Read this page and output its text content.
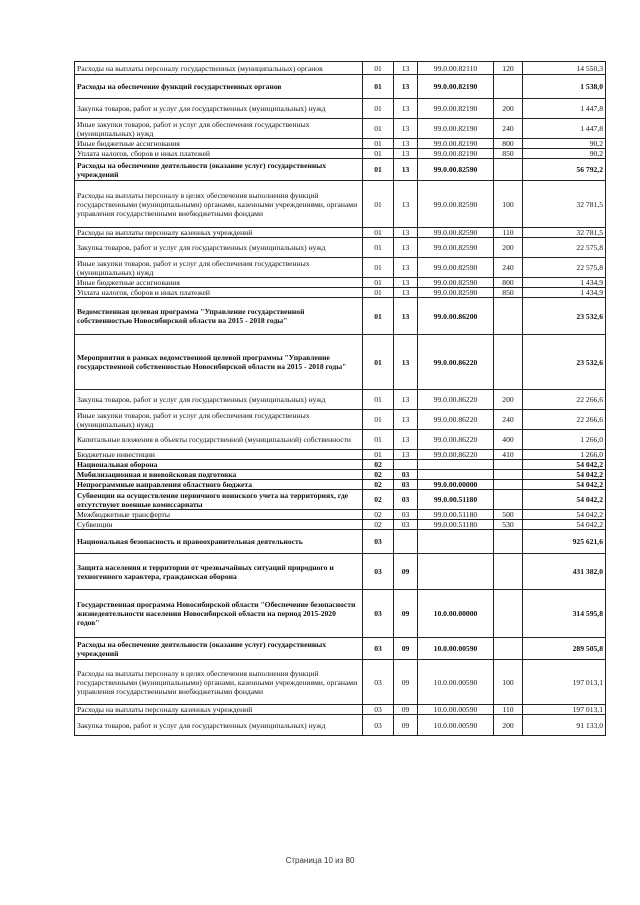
Расходы на выплаты персоналу государственных (муниципальных) органов	01	13	99.0.00.82110	120	14 550,3
Расходы на обеспечение функций государственных органов	01	13	99.0.00.82190		1 538,0
Закупка товаров, работ и услуг для государственных (муниципальных) нужд	01	13	99.0.00.82190	200	1 447,8
Иные закупки товаров, работ и услуг для обеспечения государственных (муниципальных) нужд	01	13	99.0.00.82190	240	1 447,8
Иные бюджетные ассигнования	01	13	99.0.00.82190	800	90,2
Уплата налогов, сборов и иных платежей	01	13	99.0.00.82190	850	90,2
Расходы на обеспечение деятельности (оказание услуг) государственных учреждений	01	13	99.0.00.82590		56 792,2
Расходы на выплаты персоналу в целях обеспечения выполнения функций государственными (муниципальными) органами, казенными учреждениями, органами управления государственными внебюджетными фондами	01	13	99.0.00.82590	100	32 781,5
Расходы на выплаты персоналу казенных учреждений	01	13	99.0.00.82590	110	32 781,5
Закупка товаров, работ и услуг для государственных (муниципальных) нужд	01	13	99.0.00.82590	200	22 575,8
Иные закупки товаров, работ и услуг для обеспечения государственных (муниципальных) нужд	01	13	99.0.00.82590	240	22 575,8
Иные бюджетные ассигнования	01	13	99.0.00.82590	800	1 434,9
Уплата налогов, сборов и иных платежей	01	13	99.0.00.82590	850	1 434,9
Ведомственная целевая программа "Управление государственной собственностью Новосибирской области на 2015 - 2018 годы"	01	13	99.0.00.86200		23 532,6
Мероприятия в рамках ведомственной целевой программы "Управление государственной собственностью Новосибирской области на 2015 - 2018 годы"	01	13	99.0.00.86220		23 532,6
Закупка товаров, работ и услуг для государственных (муниципальных) нужд	01	13	99.0.00.86220	200	22 266,6
Иные закупки товаров, работ и услуг для обеспечения государственных (муниципальных) нужд	01	13	99.0.00.86220	240	22 266,6
Капитальные вложения в объекты государственной (муниципальной) собственности	01	13	99.0.00.86220	400	1 266,0
Бюджетные инвестиции	01	13	99.0.00.86220	410	1 266,0
Национальная оборона	02				54 042,2
Мобилизационная и вневойсковая подготовка	02	03			54 042,2
Непрограммные направления областного бюджета	02	03	99.0.00.00000		54 042,2
Субвенции на осуществление первичного воинского учета на территориях, где отсутствуют военные комиссариаты	02	03	99.0.00.51180		54 042,2
Межбюджетные трансферты	02	03	99.0.00.51180	500	54 042,2
Субвенции	02	03	99.0.00.51180	530	54 042,2
Национальная безопасность и правоохранительная деятельность	03				925 621,6
Защита населения и территории от чрезвычайных ситуаций природного и техногенного характера, гражданская оборона	03	09			431 382,0
Государственная программа Новосибирской области "Обеспечение безопасности жизнедеятельности населения Новосибирской области на период 2015-2020 годов"	03	09	10.0.00.00000		314 595,8
Расходы на обеспечение деятельности (оказание услуг) государственных учреждений	03	09	10.0.00.00590		289 505,8
Расходы на выплаты персоналу в целях обеспечения выполнения функций государственными (муниципальными) органами, казенными учреждениями, органами управления государственными внебюджетными фондами	03	09	10.0.00.00590	100	197 013,1
Расходы на выплаты персоналу казенных учреждений	03	09	10.0.00.00590	110	197 013,1
Закупка товаров, работ и услуг для государственных (муниципальных) нужд	03	09	10.0.00.00590	200	91 133,0
Страница 10 из 80
